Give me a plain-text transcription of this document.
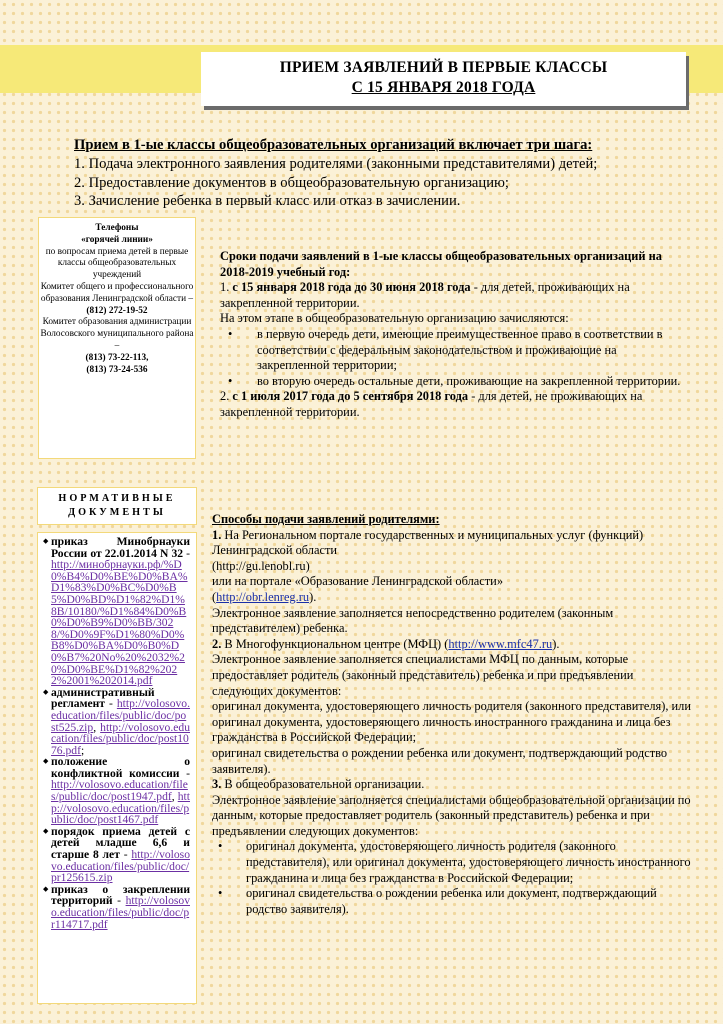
ПРИЕМ ЗАЯВЛЕНИЙ В ПЕРВЫЕ КЛАССЫ
С 15 ЯНВАРЯ 2018 ГОДА
Прием в 1-ые классы общеобразовательных организаций включает три шага:
1. Подача электронного заявления родителями (законными представителями) детей;
2. Предоставление документов в общеобразовательную организацию;
3. Зачисление ребенка в первый класс или отказ в зачислении.
Телефоны
«горячей линии»
по вопросам приема детей в первые классы общеобразовательных учреждений
Комитет общего и профессионального образования Ленинградской области –
(812) 272-19-52
Комитет образования администрации Волосовского муниципального района –
(813) 73-22-113,
(813) 73-24-536

Сроки подачи заявлений в 1-ые классы общеобразовательных организаций на 2018-2019 учебный год:

1. с 15 января 2018 года до 30 июня 2018 года - для детей, проживающих на закрепленной территории.

На этом этапе в общеобразовательную организацию зачисляются:

• в первую очередь дети, имеющие преимущественное право в соответствии в соответствии с федеральным законодательством и проживающие на закрепленной территории;
• во вторую очередь остальные дети, проживающие на закрепленной территории.

2. с 1 июля 2017 года до 5 сентября 2018 года - для детей, не проживающих на закрепленной территории.

НОРМАТИВНЫЕ
ДОКУМЕНТЫ
◆ приказ Минобрнауки России от 22.01.2014 N 32 - http://минобрнауки.рф/%D0%B4%D0%BE%D0%BA%D1%83%D0%BC%D0%B5%D0%BD%D1%82%D1%8B/10180/%D1%84%D0%B0%D0%B9%D0%BB/3028/%D0%9F%D1%80%D0%B8%D0%BA%D0%B0%D0%B7%20No%20%2032%20%D0%BE%D1%82%2022%2001%202014.pdf
◆ административный регламент - http://volosovo.education/files/public/doc/post525.zip, http://volosovo.education/files/public/doc/post1076.pdf;
◆ положение о конфликтной комиссии - http://volosovo.education/files/public/doc/post1947.pdf, http://volosovo.education/files/public/doc/post1467.pdf
◆ порядок приема детей с детей младше 6,6 и старше 8 лет - http://volosovo.education/files/public/doc/pr125615.zip
◆ приказ о закреплении территорий - http://volosovo.education/files/public/doc/pr114717.pdf

Способы подачи заявлений родителями:

1. На Региональном портале государственных и муниципальных услуг (функций) Ленинградской области

(http://gu.lenobl.ru)

или на портале «Образование Ленинградской области»

(http://obr.lenreg.ru).

Электронное заявление заполняется непосредственно родителем (законным представителем) ребенка.

2. В Многофункциональном центре (МФЦ) (http://www.mfc47.ru).

Электронное заявление заполняется специалистами МФЦ по данным, которые предоставляет родитель (законный представитель) ребенка и при предъявлении следующих документов:

оригинал документа, удостоверяющего личность родителя (законного представителя), или оригинал документа, удостоверяющего личность иностранного гражданина и лица без гражданства в Российской Федерации;

оригинал свидетельства о рождении ребенка или документ, подтверждающий родство заявителя).

3. В общеобразовательной организации.

Электронное заявление заполняется специалистами общеобразовательной организации по данным, которые предоставляет родитель (законный представитель) ребенка и при предъявлении следующих документов:

• оригинал документа, удостоверяющего личность родителя (законного представителя), или оригинал документа, удостоверяющего личность иностранного гражданина и лица без гражданства в Российской Федерации;
• оригинал свидетельства о рождении ребенка или документ, подтверждающий родство заявителя).
